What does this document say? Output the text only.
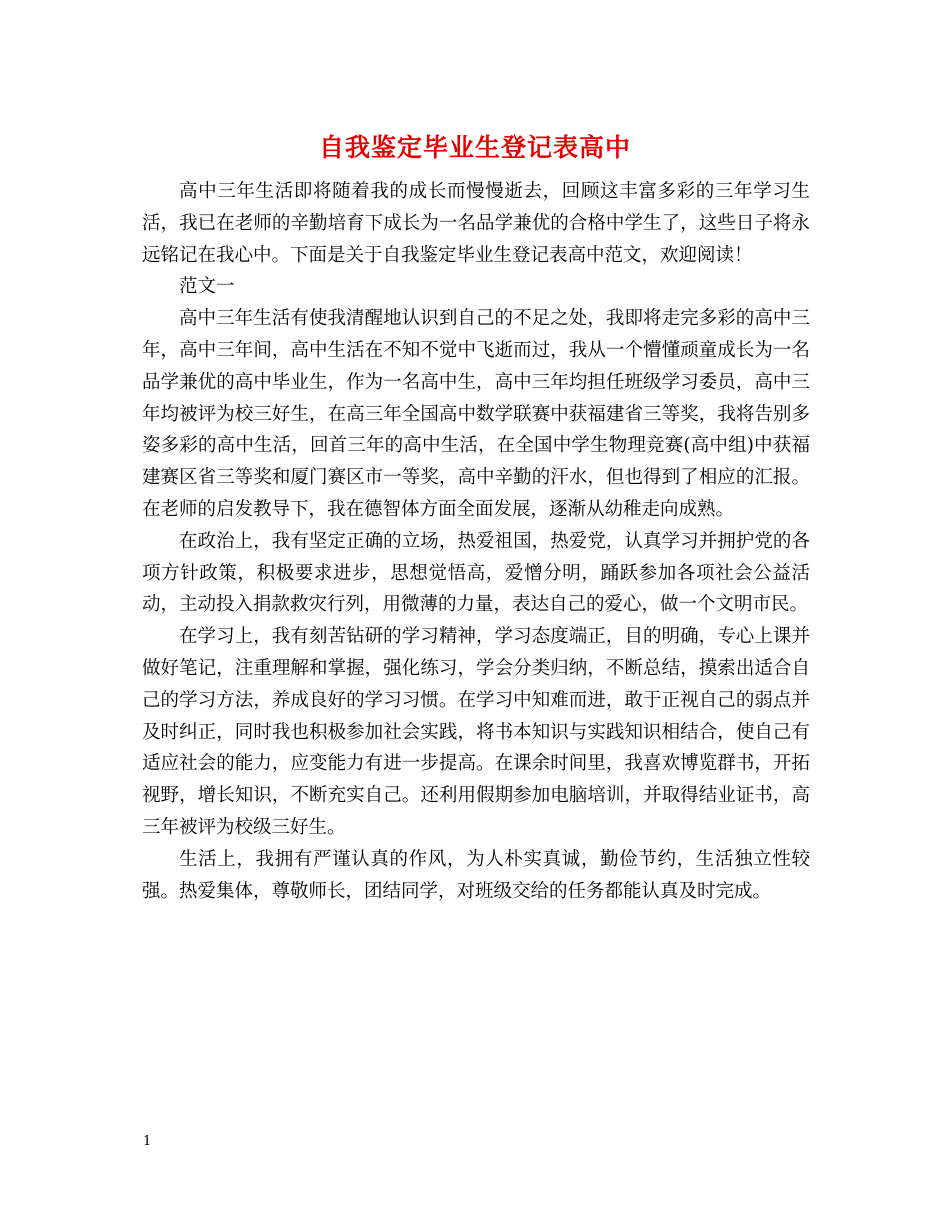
自我鉴定毕业生登记表高中

高中三年生活即将随着我的成长而慢慢逝去，回顾这丰富多彩的三年学习生活，我已在老师的辛勤培育下成长为一名品学兼优的合格中学生了，这些日子将永远铭记在我心中。下面是关于自我鉴定毕业生登记表高中范文，欢迎阅读！

范文一

高中三年生活有使我清醒地认识到自己的不足之处，我即将走完多彩的高中三年，高中三年间，高中生活在不知不觉中飞逝而过，我从一个懵懂顽童成长为一名品学兼优的高中毕业生，作为一名高中生，高中三年均担任班级学习委员，高中三年均被评为校三好生，在高三年全国高中数学联赛中获福建省三等奖，我将告别多姿多彩的高中生活，回首三年的高中生活，在全国中学生物理竞赛(高中组)中获福建赛区省三等奖和厦门赛区市一等奖，高中辛勤的汗水，但也得到了相应的汇报。在老师的启发教导下，我在德智体方面全面发展，逐渐从幼稚走向成熟。

在政治上，我有坚定正确的立场，热爱祖国，热爱党，认真学习并拥护党的各项方针政策，积极要求进步，思想觉悟高，爱憎分明，踊跃参加各项社会公益活动，主动投入捐款救灾行列，用微薄的力量，表达自己的爱心，做一个文明市民。

在学习上，我有刻苦钻研的学习精神，学习态度端正，目的明确，专心上课并做好笔记，注重理解和掌握，强化练习，学会分类归纳，不断总结，摸索出适合自己的学习方法，养成良好的学习习惯。在学习中知难而进，敢于正视自己的弱点并及时纠正，同时我也积极参加社会实践，将书本知识与实践知识相结合，使自己有适应社会的能力，应变能力有进一步提高。在课余时间里，我喜欢博览群书，开拓视野，增长知识，不断充实自己。还利用假期参加电脑培训，并取得结业证书，高三年被评为校级三好生。

生活上，我拥有严谨认真的作风，为人朴实真诚，勤俭节约，生活独立性较强。热爱集体，尊敬师长，团结同学，对班级交给的任务都能认真及时完成。

1
